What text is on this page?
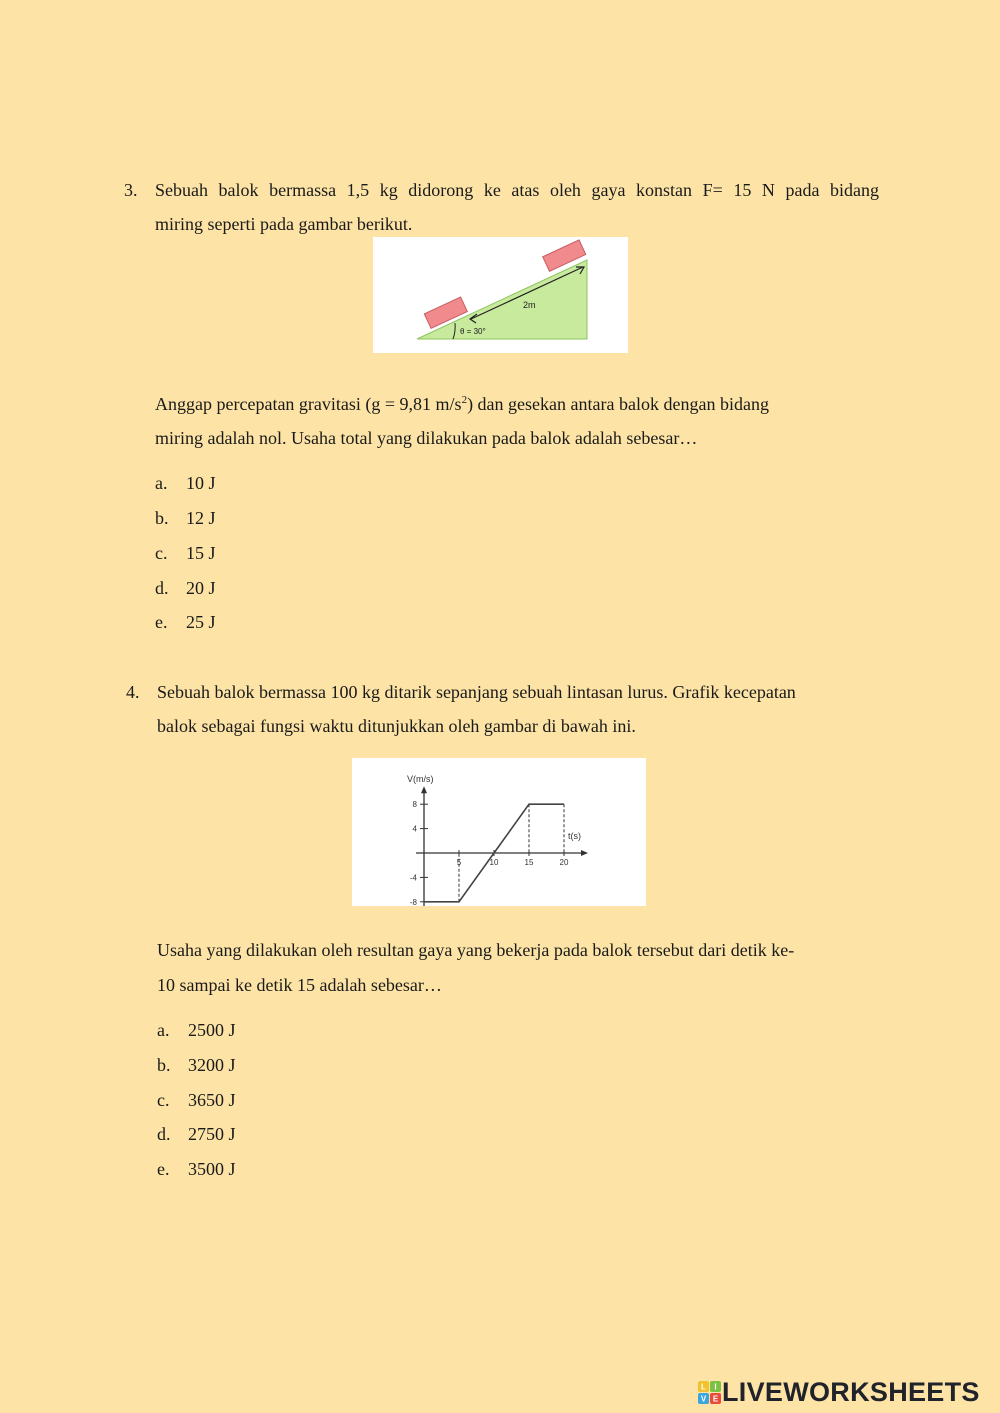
3. Sebuah balok bermassa 1,5 kg didorong ke atas oleh gaya konstan F= 15 N pada bidang
miring seperti pada gambar berikut.
2m
θ = 30°
Anggap percepatan gravitasi (g = 9,81 $m/s^2$) dan gesekan antara balok dengan bidang
miring adalah nol. Usaha total yang dilakukan pada balok adalah sebesar…
a. 10 J
b. 12 J
c. 15 J
d. 20 J
e. 25 J
4. Sebuah balok bermassa 100 kg ditarik sepanjang sebuah lintasan lurus. Grafik kecepatan
balok sebagai fungsi waktu ditunjukkan oleh gambar di bawah ini.
V(m/s)
t(s)
8
4
-4
-8
5	10	15	20
Usaha yang dilakukan oleh resultan gaya yang bekerja pada balok tersebut dari detik ke-
10 sampai ke detik 15 adalah sebesar…
a. 2500 J
b. 3200 J
c. 3650 J
d. 2750 J
e. 3500 J
L I
V E LIVEWORKSHEETS
